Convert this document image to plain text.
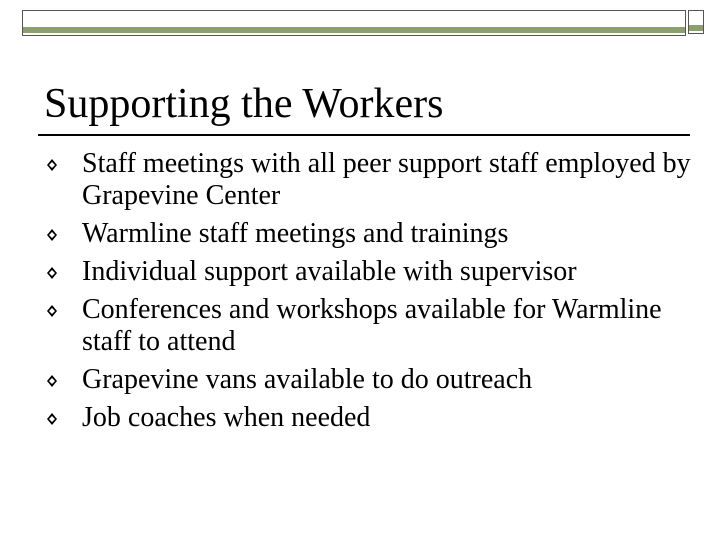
Supporting the Workers
Staff meetings with all peer support staff employed by Grapevine Center
Warmline staff meetings and trainings
Individual support available with supervisor
Conferences and workshops available for Warmline staff to attend
Grapevine vans available to do outreach
Job coaches when needed
